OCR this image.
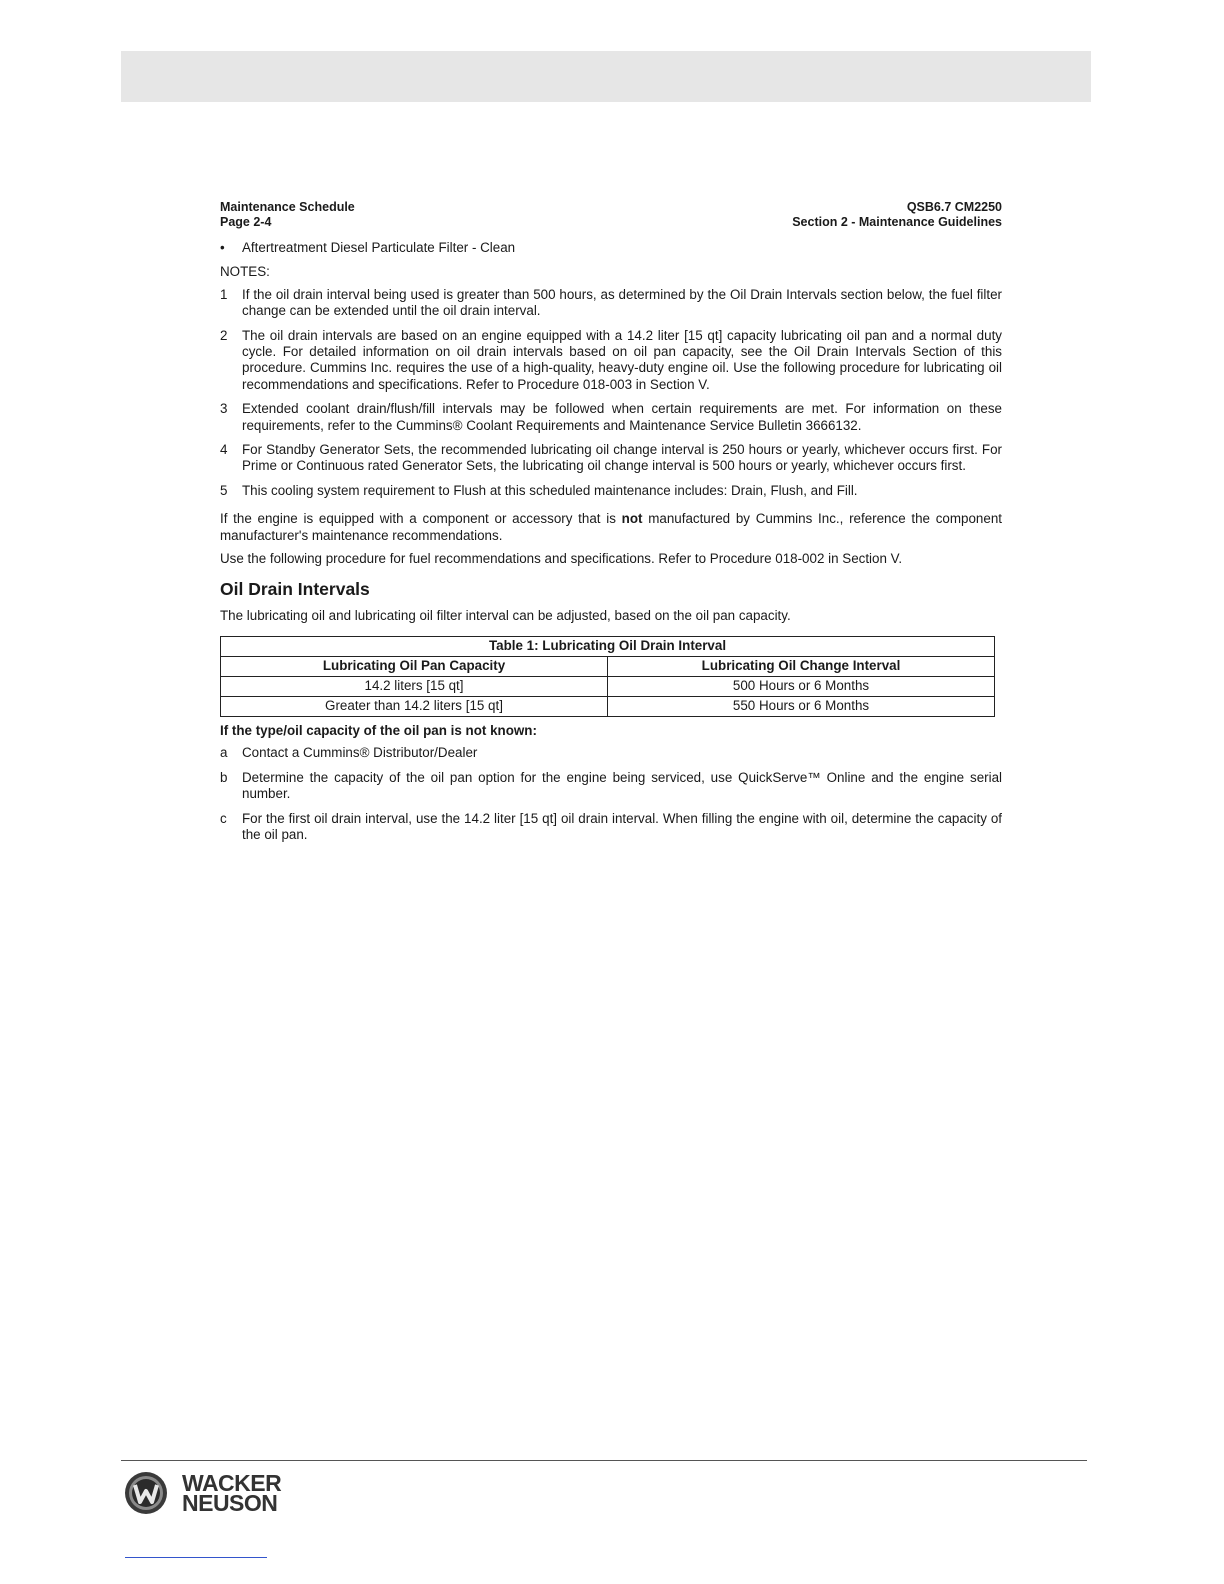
Maintenance Schedule
Page 2-4
QSB6.7 CM2250
Section 2 - Maintenance Guidelines
•	Aftertreatment Diesel Particulate Filter - Clean
NOTES:
1	If the oil drain interval being used is greater than 500 hours, as determined by the Oil Drain Intervals section below, the fuel filter change can be extended until the oil drain interval.
2	The oil drain intervals are based on an engine equipped with a 14.2 liter [15 qt] capacity lubricating oil pan and a normal duty cycle. For detailed information on oil drain intervals based on oil pan capacity, see the Oil Drain Intervals Section of this procedure. Cummins Inc. requires the use of a high-quality, heavy-duty engine oil. Use the following procedure for lubricating oil recommendations and specifications. Refer to Procedure 018-003 in Section V.
3	Extended coolant drain/flush/fill intervals may be followed when certain requirements are met. For information on these requirements, refer to the Cummins® Coolant Requirements and Maintenance Service Bulletin 3666132.
4	For Standby Generator Sets, the recommended lubricating oil change interval is 250 hours or yearly, whichever occurs first. For Prime or Continuous rated Generator Sets, the lubricating oil change interval is 500 hours or yearly, whichever occurs first.
5	This cooling system requirement to Flush at this scheduled maintenance includes: Drain, Flush, and Fill.
If the engine is equipped with a component or accessory that is not manufactured by Cummins Inc., reference the component manufacturer's maintenance recommendations.
Use the following procedure for fuel recommendations and specifications. Refer to Procedure 018-002 in Section V.
Oil Drain Intervals
The lubricating oil and lubricating oil filter interval can be adjusted, based on the oil pan capacity.
Table 1: Lubricating Oil Drain Interval	
Lubricating Oil Pan Capacity	Lubricating Oil Change Interval
14.2 liters [15 qt]	500 Hours or 6 Months
Greater than 14.2 liters [15 qt]	550 Hours or 6 Months
If the type/oil capacity of the oil pan is not known:
a	Contact a Cummins® Distributor/Dealer
b	Determine the capacity of the oil pan option for the engine being serviced, use QuickServe™ Online and the engine serial number.
c	For the first oil drain interval, use the 14.2 liter [15 qt] oil drain interval. When filling the engine with oil, determine the capacity of the oil pan.
WACKER
NEUSON
